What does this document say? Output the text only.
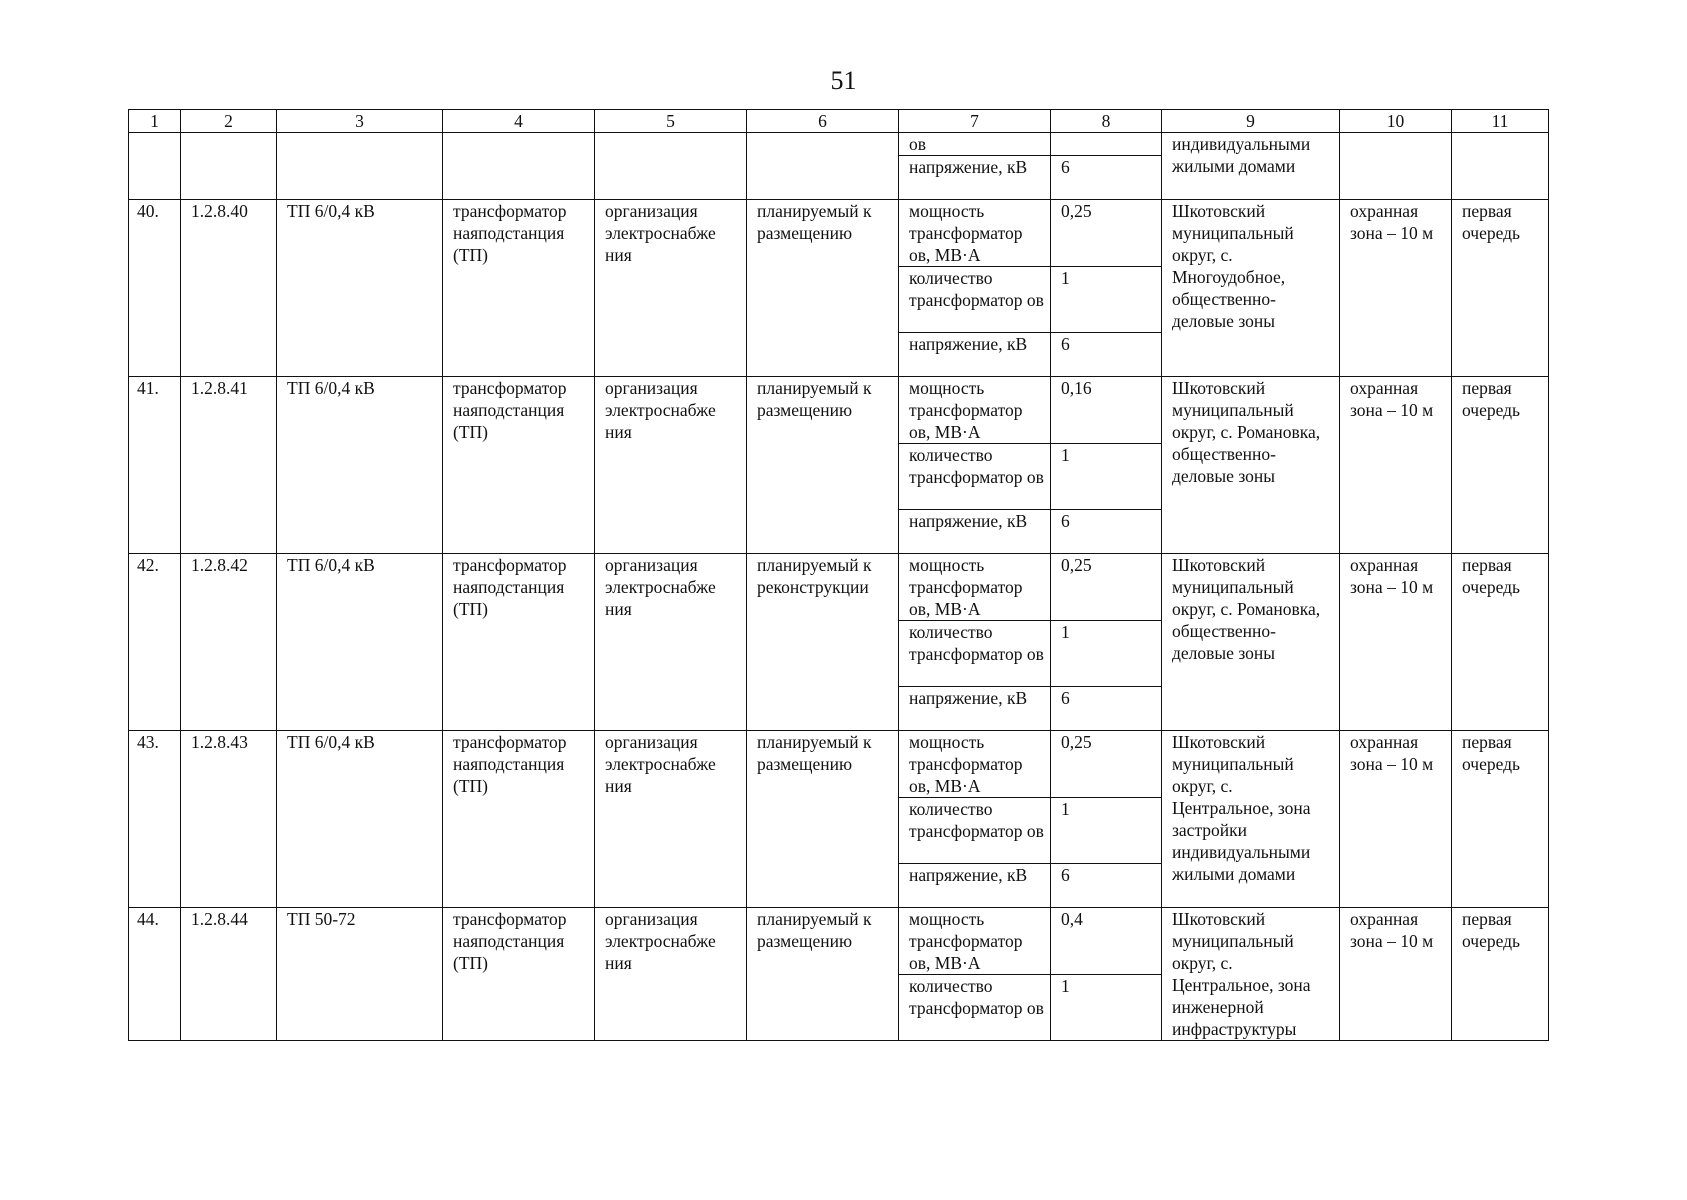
51
1	2	3	4	5	6	7	8	9	10	11
						ов		индивидуальными жилыми домами		
						напряжение, кВ	6			
40.	1.2.8.40	ТП 6/0,4 кВ	трансформатор наяподстанция (ТП)	организация электроснабже ния	планируемый к размещению	мощность трансформатор ов, МВ·А	0,25	Шкотовский муниципальный округ, с. Многоудобное, общественно-деловые зоны	охранная зона – 10 м	первая очередь
						количество трансформатор ов	1			
						напряжение, кВ	6			
41.	1.2.8.41	ТП 6/0,4 кВ	трансформатор наяподстанция (ТП)	организация электроснабже ния	планируемый к размещению	мощность трансформатор ов, МВ·А	0,16	Шкотовский муниципальный округ, с. Романовка, общественно-деловые зоны	охранная зона – 10 м	первая очередь
						количество трансформатор ов	1			
						напряжение, кВ	6			
42.	1.2.8.42	ТП 6/0,4 кВ	трансформатор наяподстанция (ТП)	организация электроснабже ния	планируемый к реконструкции	мощность трансформатор ов, МВ·А	0,25	Шкотовский муниципальный округ, с. Романовка, общественно-деловые зоны	охранная зона – 10 м	первая очередь
						количество трансформатор ов	1			
						напряжение, кВ	6			
43.	1.2.8.43	ТП 6/0,4 кВ	трансформатор наяподстанция (ТП)	организация электроснабже ния	планируемый к размещению	мощность трансформатор ов, МВ·А	0,25	Шкотовский муниципальный округ, с. Центральное, зона застройки индивидуальными жилыми домами	охранная зона – 10 м	первая очередь
						количество трансформатор ов	1			
						напряжение, кВ	6			
44.	1.2.8.44	ТП 50-72	трансформатор наяподстанция (ТП)	организация электроснабже ния	планируемый к размещению	мощность трансформатор ов, МВ·А	0,4	Шкотовский муниципальный округ, с. Центральное, зона инженерной инфраструктуры	охранная зона – 10 м	первая очередь
						количество трансформатор ов	1			
